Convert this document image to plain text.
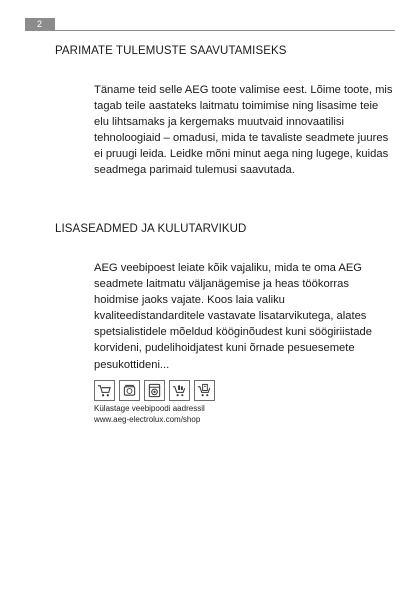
2
PARIMATE TULEMUSTE SAAVUTAMISEKS

Täname teid selle AEG toote valimise eest. Lõime toote, mis tagab teile aastateks laitmatu toimimise ning lisasime teie elu lihtsamaks ja kergemaks muutvaid innovaatilisi tehnoloogiaid – omadusi, mida te tavaliste seadmete juures ei pruugi leida. Leidke mõni minut aega ning lugege, kuidas seadmega parimaid tulemusi saavutada.

LISASEADMED JA KULUTARVIKUD

AEG veebipoest leiate kõik vajaliku, mida te oma AEG seadmete laitmatu väljanägemise ja heas töökorras hoidmise jaoks vajate. Koos laia valiku kvaliteedistandarditele vastavate lisatarvikutega, alates spetsialistidele mõeldud kööginõudest kuni söögiriistade korvideni, pudelihoidjatest kuni õrnade pesuesemete pesukottideni...

Külastage veebipoodi aadressil

www.aeg-electrolux.com/shop
